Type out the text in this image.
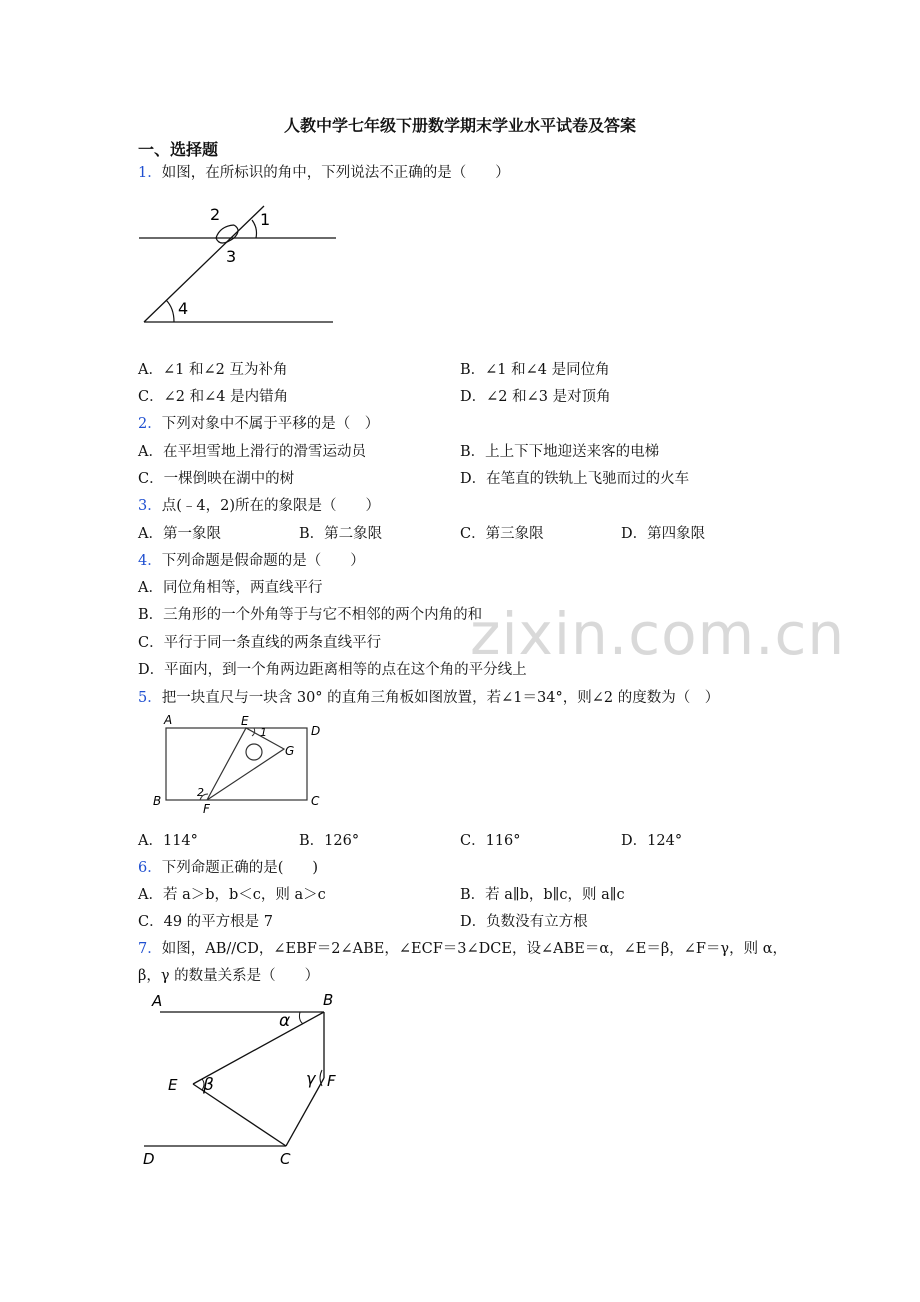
人教中学七年级下册数学期末学业水平试卷及答案
一、选择题
1．如图，在所标识的角中，下列说法不正确的是（　　）
2 1
3
4
A．∠1 和∠2 互为补角	B．∠1 和∠4 是同位角
C．∠2 和∠4 是内错角	D．∠2 和∠3 是对顶角
2．下列对象中不属于平移的是（　）
A．在平坦雪地上滑行的滑雪运动员	B．上上下下地迎送来客的电梯
C．一棵倒映在湖中的树	D．在笔直的铁轨上飞驰而过的火车
3．点(﹣4，2)所在的象限是（　　）
A．第一象限	B．第二象限	C．第三象限	D．第四象限
4．下列命题是假命题的是（　　）
A．同位角相等，两直线平行
B．三角形的一个外角等于与它不相邻的两个内角的和
C．平行于同一条直线的两条直线平行
D．平面内，到一个角两边距离相等的点在这个角的平分线上
zixin.com.cn
5．把一块直尺与一块含 30° 的直角三角板如图放置，若∠1＝34°，则∠2 的度数为（　）
A	E
1	D
G
2
B
F
C
A．114°	B．126°	C．116°	D．124°
6．下列命题正确的是(　　)
A．若 a＞b，b＜c，则 a＞c	B．若 a∥b，b∥c，则 a∥c
C．49 的平方根是 7	D．负数没有立方根
7．如图，AB//CD，∠EBF＝2∠ABE，∠ECF＝3∠DCE，设∠ABE＝α，∠E＝β，∠F＝γ，则 α，
β，γ 的数量关系是（　　）
A	B
α
E β	γ F
D	C
